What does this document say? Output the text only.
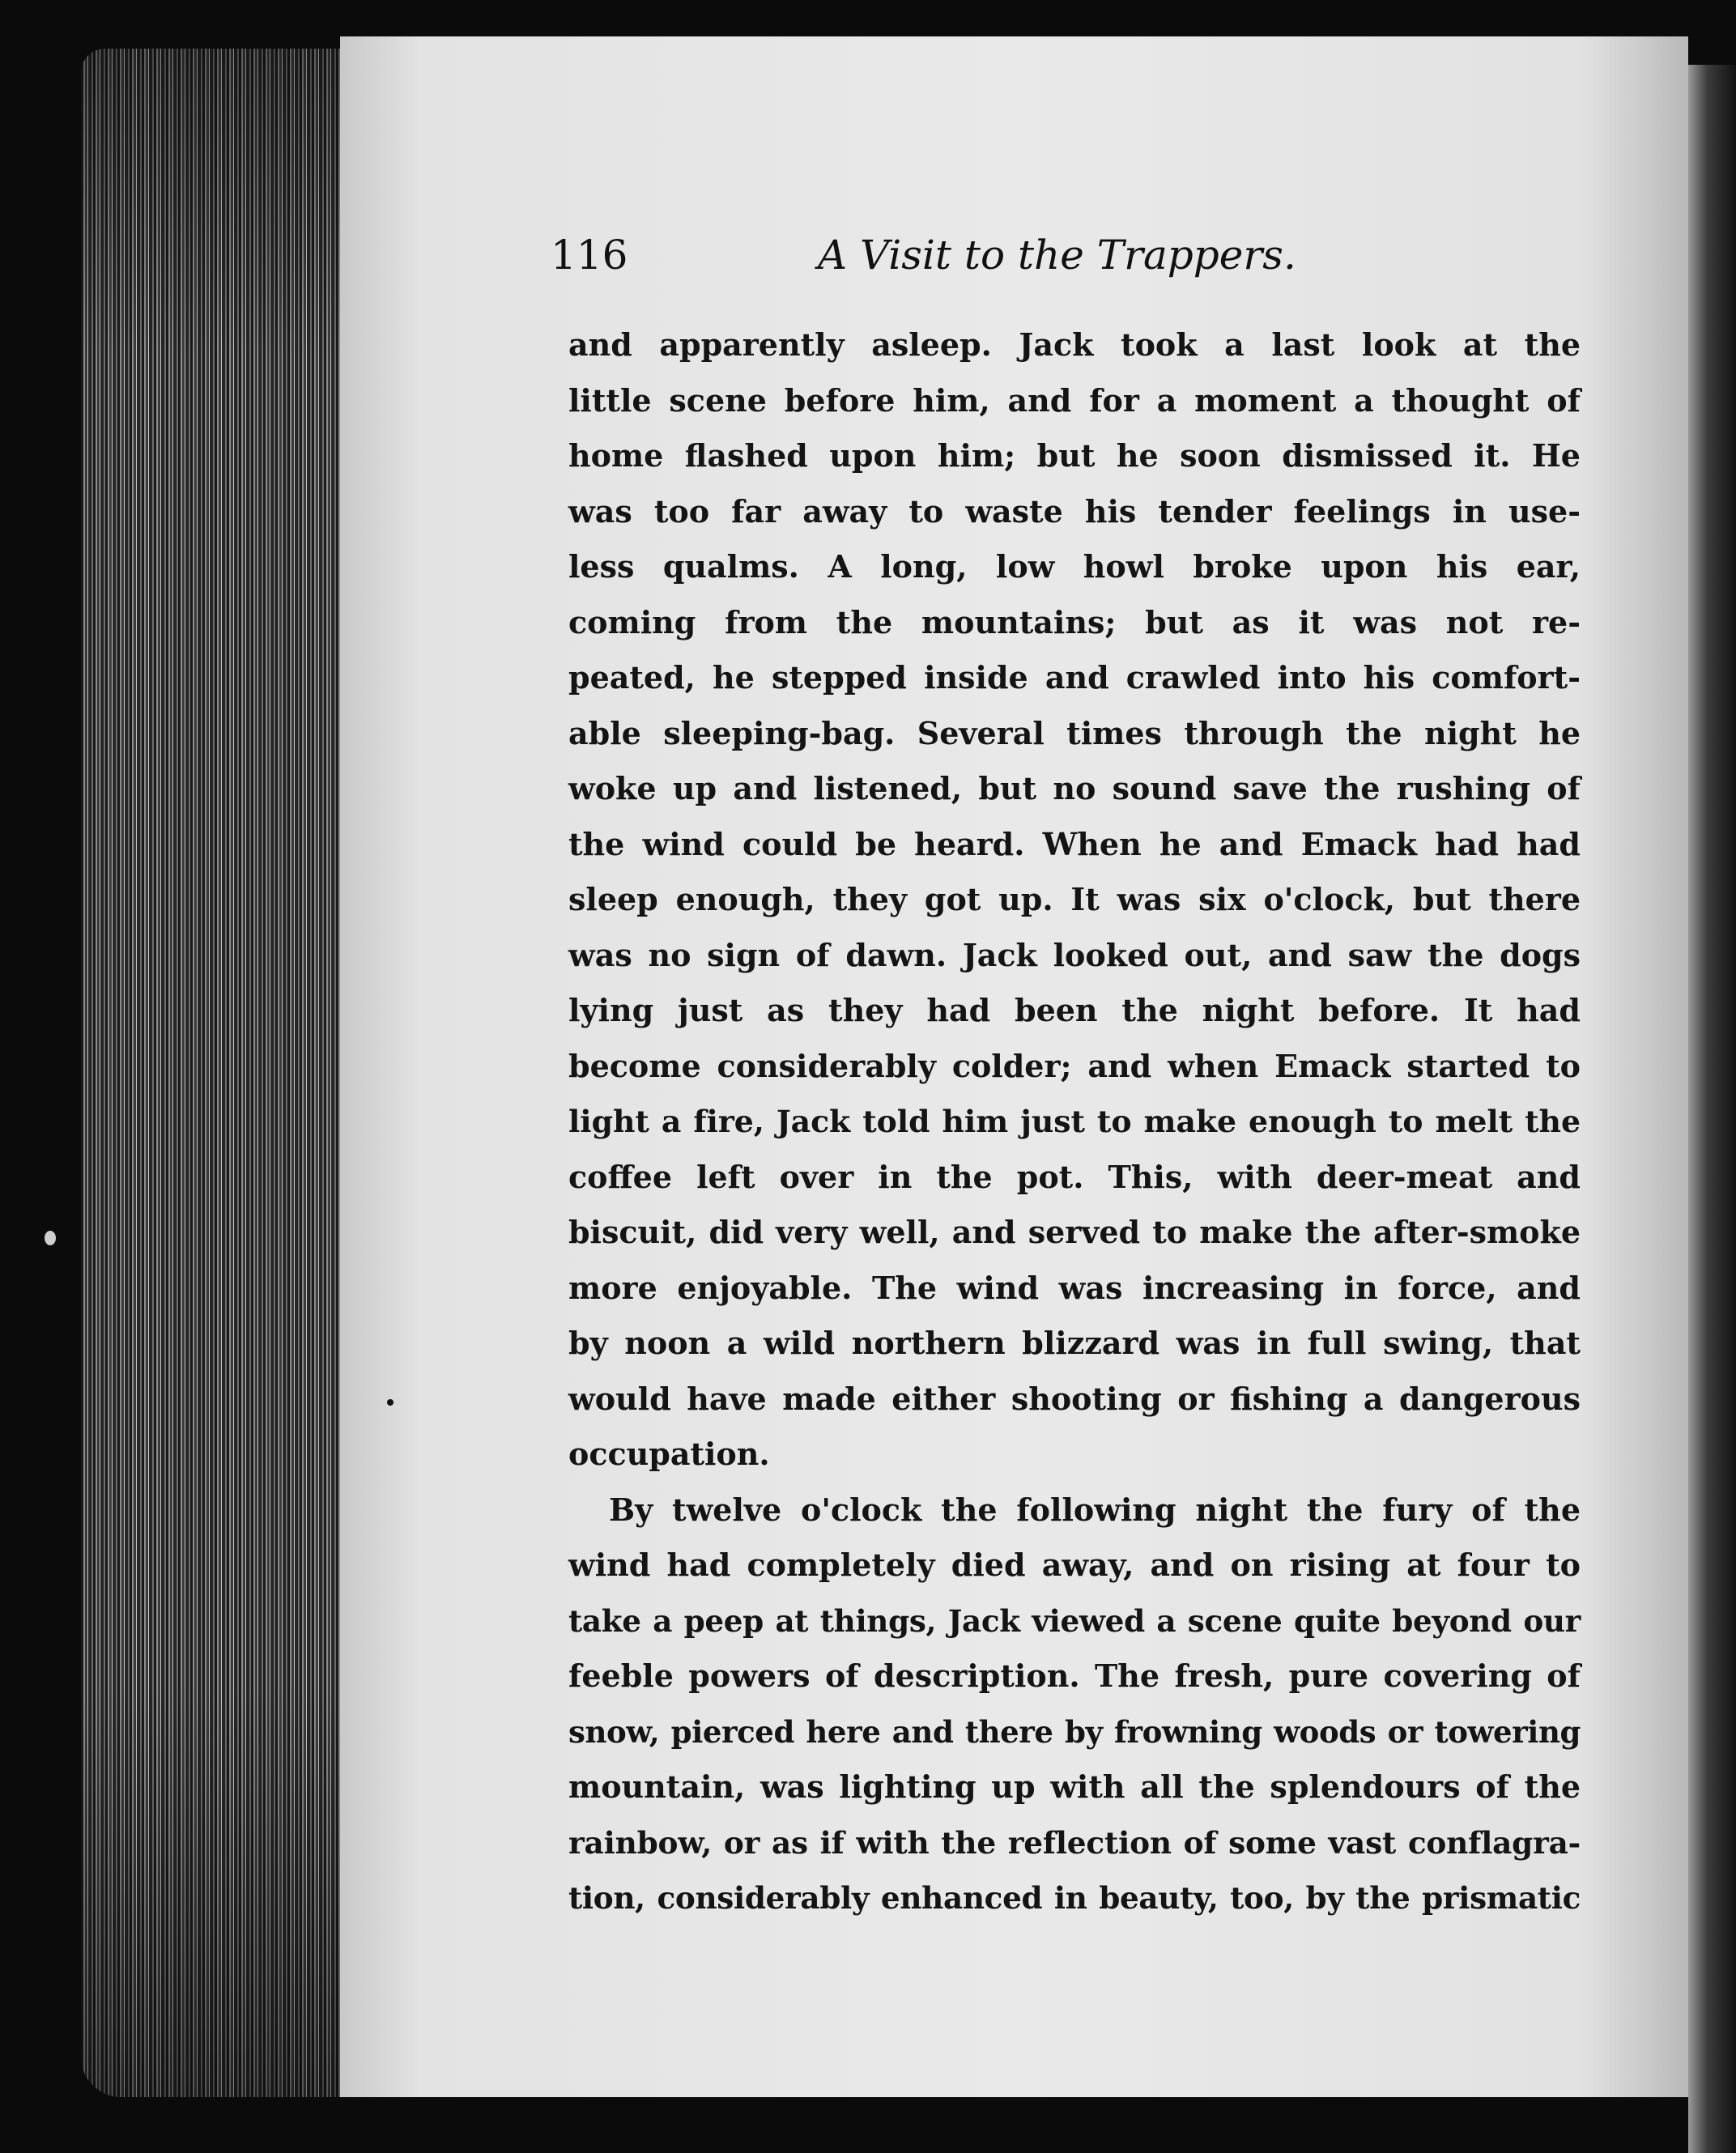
116	A Visit to the Trappers.
and apparently asleep. Jack took a last look at the
little scene before him, and for a moment a thought of
home flashed upon him; but he soon dismissed it. He
was too far away to waste his tender feelings in use-
less qualms. A long, low howl broke upon his ear,
coming from the mountains; but as it was not re-
peated, he stepped inside and crawled into his comfort-
able sleeping-bag. Several times through the night he
woke up and listened, but no sound save the rushing of
the wind could be heard. When he and Emack had had
sleep enough, they got up. It was six o'clock, but there
was no sign of dawn. Jack looked out, and saw the dogs
lying just as they had been the night before. It had
become considerably colder; and when Emack started to
light a fire, Jack told him just to make enough to melt the
coffee left over in the pot. This, with deer-meat and
biscuit, did very well, and served to make the after-smoke
more enjoyable. The wind was increasing in force, and
by noon a wild northern blizzard was in full swing, that
would have made either shooting or fishing a dangerous
occupation.
By twelve o'clock the following night the fury of the
wind had completely died away, and on rising at four to
take a peep at things, Jack viewed a scene quite beyond our
feeble powers of description. The fresh, pure covering of
snow, pierced here and there by frowning woods or towering
mountain, was lighting up with all the splendours of the
rainbow, or as if with the reflection of some vast conflagra-
tion, considerably enhanced in beauty, too, by the prismatic
